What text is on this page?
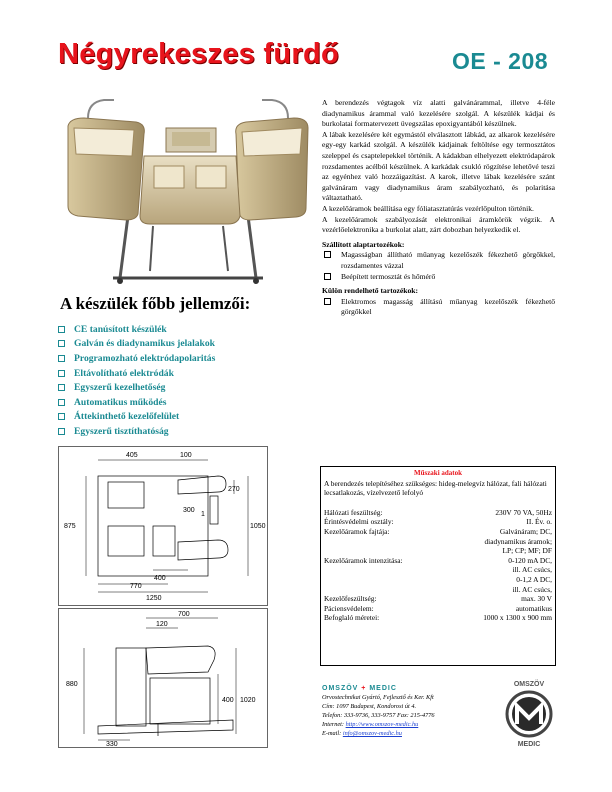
Négyrekeszes fürdő	OE - 208

A berendezés végtagok víz alatti galvánárammal, illetve 4-féle diadynamikus árammal való kezelésére szolgál. A készülék kádjai és burkolatai formatervezett üvegszálas epoxigyantából készülnek.

A lábak kezelésére két egymástól elválasztott lábkád, az alkarok kezelésére egy-egy karkád szolgál. A készülék kádjainak feltöltése egy termosztátos szeleppel és csaptelepekkel történik. A kádakban elhelyezett elektródapárok rozsdamentes acélból készülnek. A karkádak csukló rögzítése lehetővé teszi az egyénhez való hozzáigazítást. A karok, illetve lábak kezelésére szánt galvánáram vagy diadynamikus áram szabályozható, és polaritása váltaztatható.

A kezelőáramok beállítása egy fóliatasztatúrás vezérlőpulton történik.

A kezelőáramok szabályozását elektronikai áramkörök végzik. A vezérlőelektronika a burkolat alatt, zárt dobozban helyezkedik el.

Szállított alaptartozékok:
Magasságban állítható műanyag kezelőszék fékezhető görgőkkel, rozsdamentes vázzal
Beépített termosztát és hőmérő
Külön rendelhető tartozékok:
Elektromos magasság állítású műanyag kezelőszék fékezhető görgőkkel
A készülék főbb jellemzői:
CE tanúsított készülék
Galván és diadynamikus jelalakok
Programozható elektródapolaritás
Eltávolítható elektródák
Egyszerű kezelhetőség
Automatikus működés
Áttekinthető kezelőfelület
Egyszerű tisztíthatóság
405	100
270
300
1
875	1050
400
770
1250
700
120
880
400 1020
330
Műszaki adatok
A berendezés telepítéséhez szükséges: hideg-melegvíz hálózat, fali hálózati lecsatlakozás, vízelvezető lefolyó
Hálózati feszültség:	230V 70 VA, 50Hz
Érintésvédelmi osztály:	II. Év. o.
Kezelőáramok fajtája:	Galvánáram; DC,
diadynamikus áramok;
LP; CP; MF; DF
Kezelőáramok intenzitása:	0-120 mA DC,
ill. AC csúcs,
0-1,2 A DC,
ill. AC csúcs,
Kezelőfeszültség:	max. 30 V
Páciensvédelem:	automatikus
Befoglaló méretei:	1000 x 1300 x 900 mm
OMSZÖV + MEDIC
Orvostechnikai Gyártó, Fejlesztő és Ker. Kft
Cím: 1097 Budapest, Kondorosi út 4.
Telefon: 333-9736, 333-9757 Fax: 215-4776
Internet: http://www.omszov-medic.hu
E-mail: info@omszov-medic.hu
OMSZÖV
MEDIC
